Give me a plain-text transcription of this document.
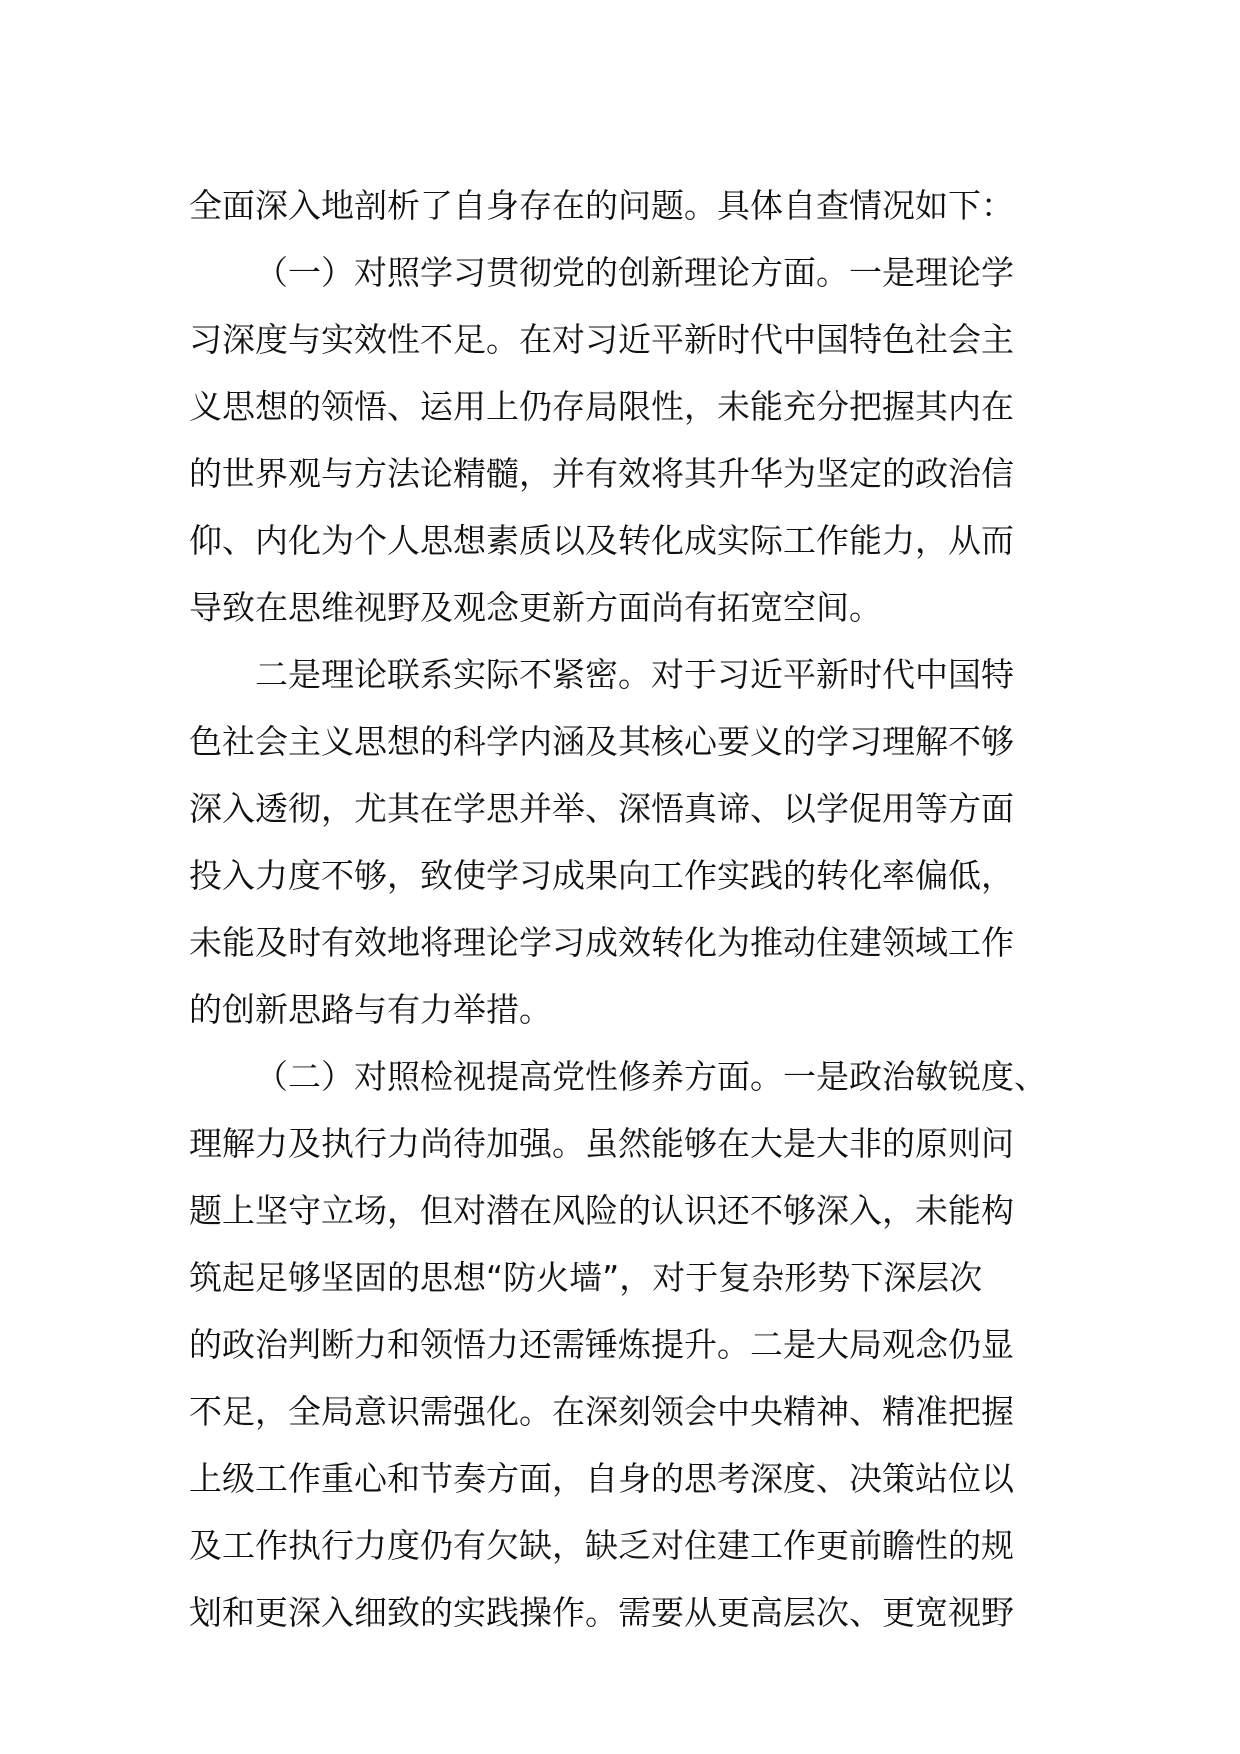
全面深入地剖析了自身存在的问题。具体自查情况如下：
（一）对照学习贯彻党的创新理论方面。一是理论学
习深度与实效性不足。在对习近平新时代中国特色社会主
义思想的领悟、运用上仍存局限性，未能充分把握其内在
的世界观与方法论精髓，并有效将其升华为坚定的政治信
仰、内化为个人思想素质以及转化成实际工作能力，从而
导致在思维视野及观念更新方面尚有拓宽空间。
二是理论联系实际不紧密。对于习近平新时代中国特
色社会主义思想的科学内涵及其核心要义的学习理解不够
深入透彻，尤其在学思并举、深悟真谛、以学促用等方面
投入力度不够，致使学习成果向工作实践的转化率偏低，
未能及时有效地将理论学习成效转化为推动住建领域工作
的创新思路与有力举措。
（二）对照检视提高党性修养方面。一是政治敏锐度、
理解力及执行力尚待加强。虽然能够在大是大非的原则问
题上坚守立场，但对潜在风险的认识还不够深入，未能构
筑起足够坚固的思想“防火墙”，对于复杂形势下深层次
的政治判断力和领悟力还需锤炼提升。二是大局观念仍显
不足，全局意识需强化。在深刻领会中央精神、精准把握
上级工作重心和节奏方面，自身的思考深度、决策站位以
及工作执行力度仍有欠缺，缺乏对住建工作更前瞻性的规
划和更深入细致的实践操作。需要从更高层次、更宽视野
